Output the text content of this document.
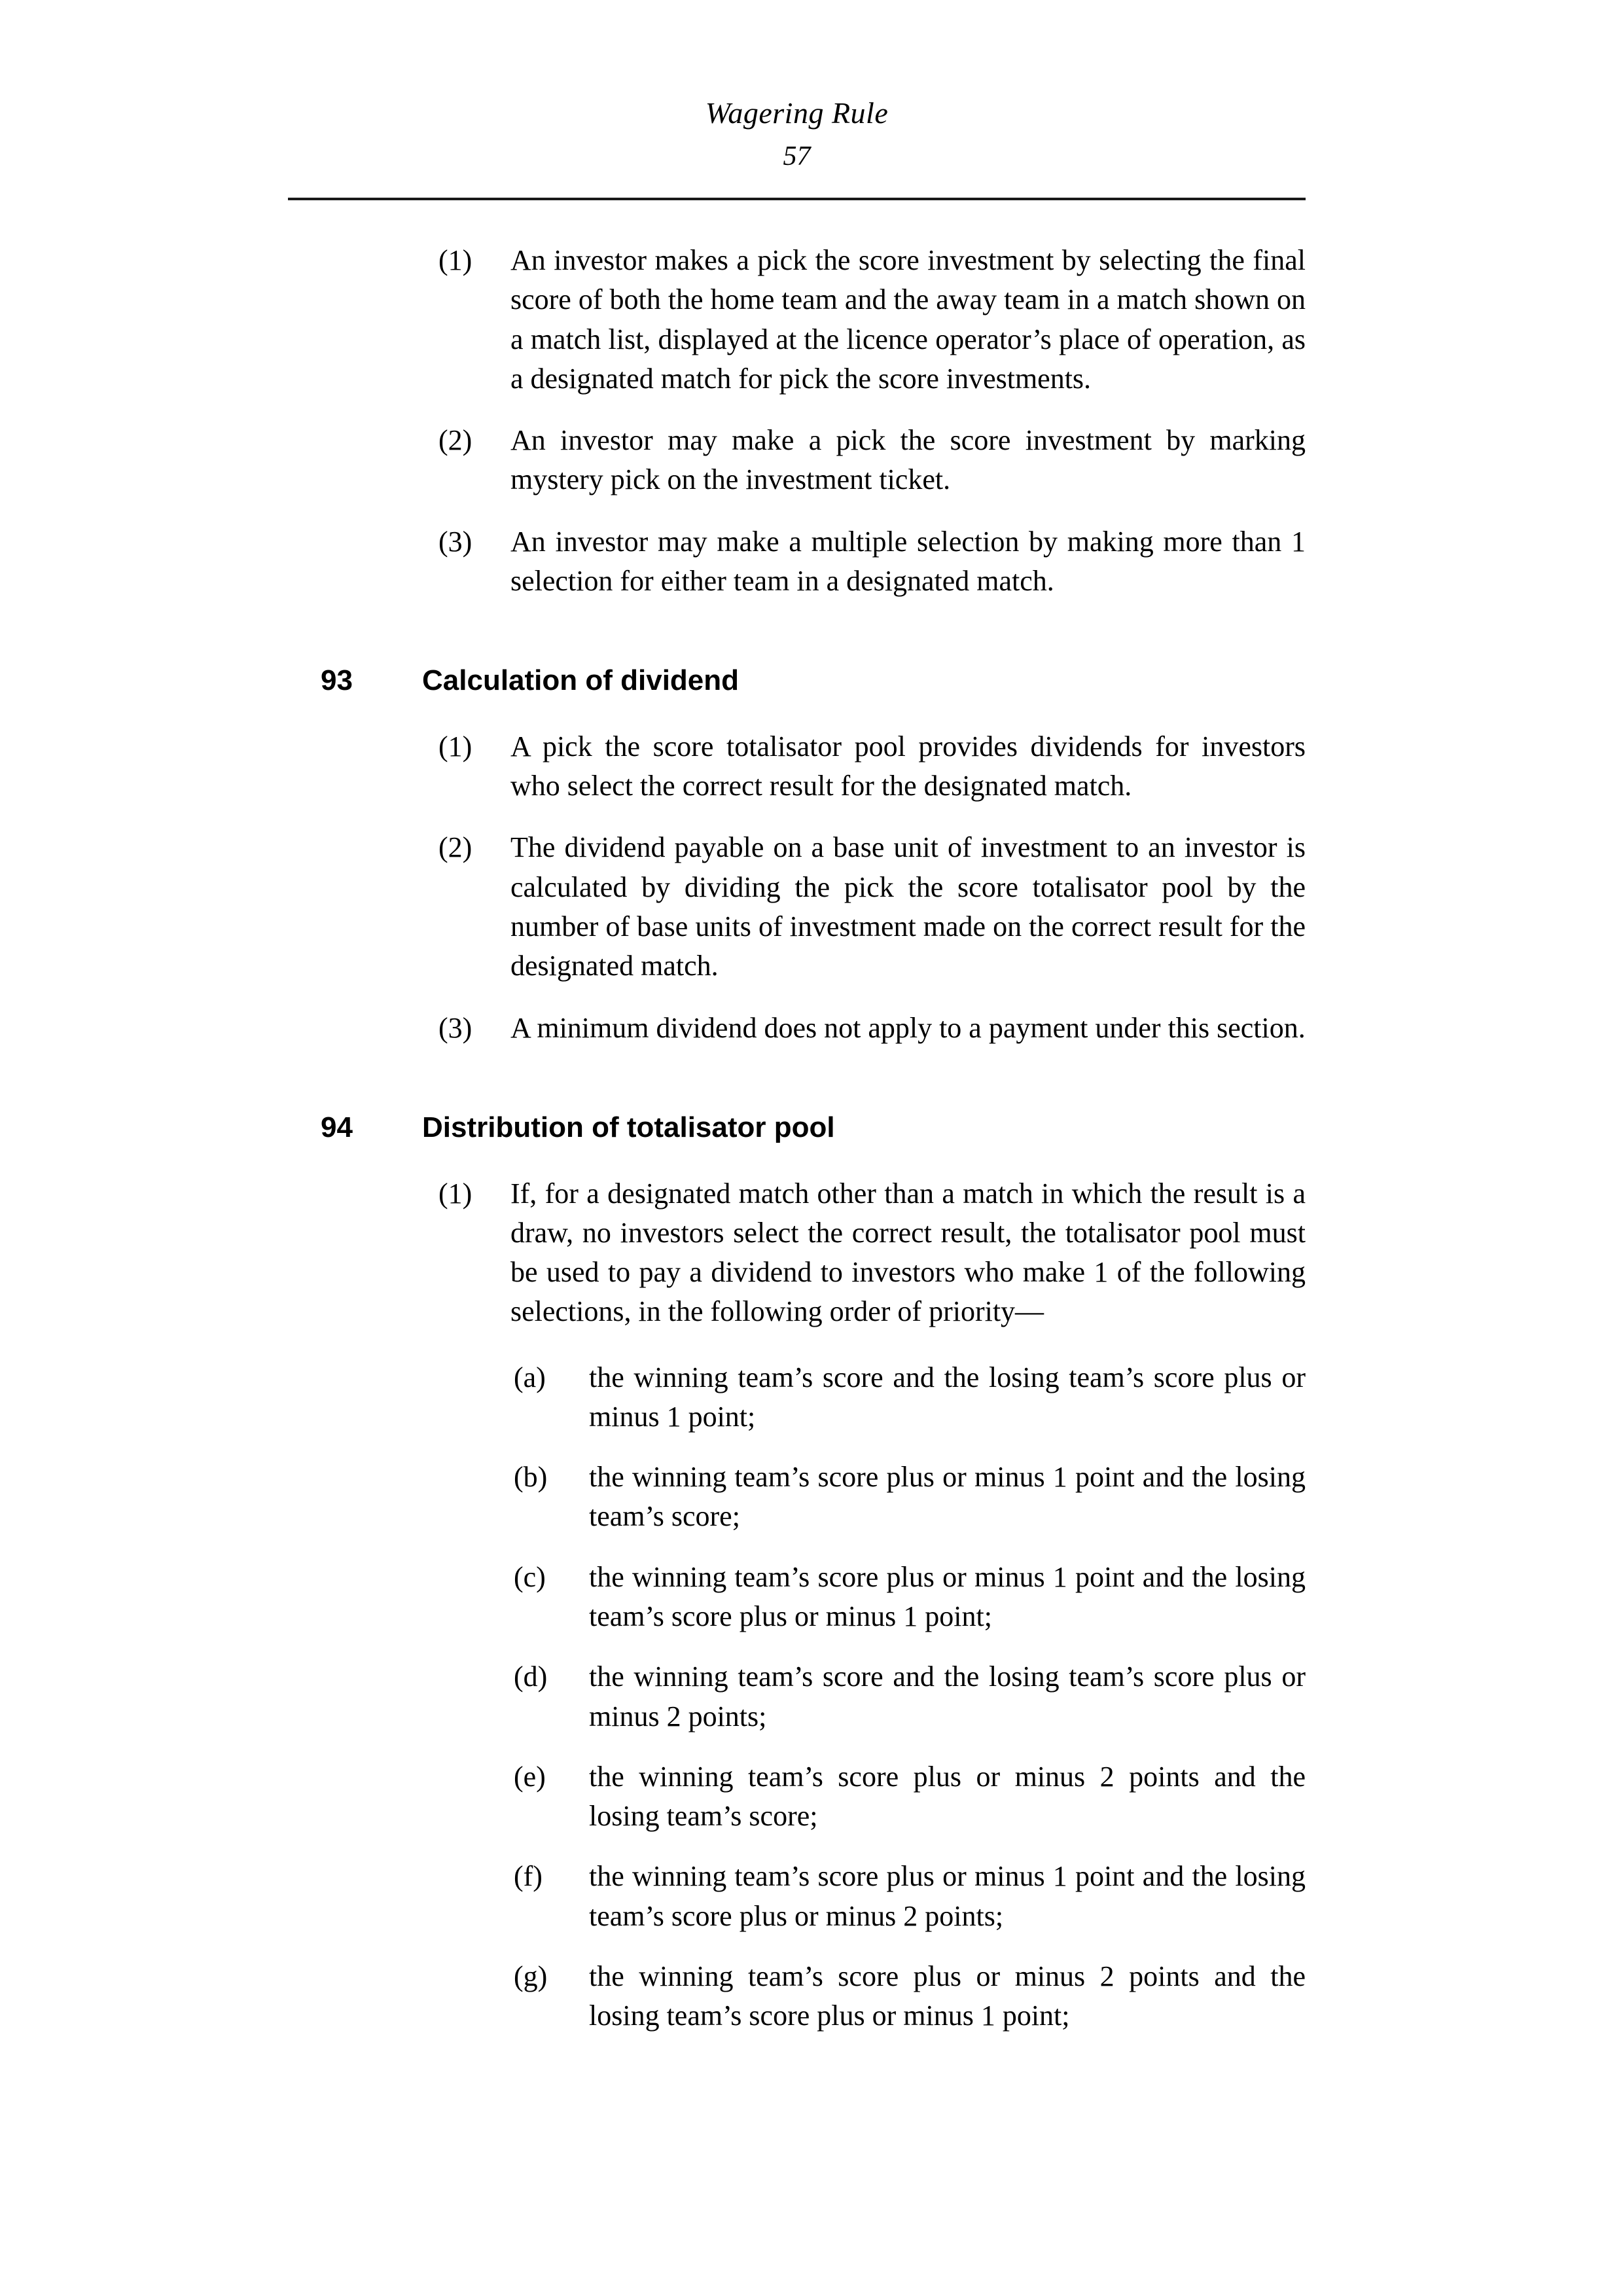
Wagering Rule
57
(1)	An investor makes a pick the score investment by selecting the final score of both the home team and the away team in a match shown on a match list, displayed at the licence operator’s place of operation, as a designated match for pick the score investments.
(2)	An investor may make a pick the score investment by marking mystery pick on the investment ticket.
(3)	An investor may make a multiple selection by making more than 1 selection for either team in a designated match.
93 Calculation of dividend
(1)	A pick the score totalisator pool provides dividends for investors who select the correct result for the designated match.
(2)	The dividend payable on a base unit of investment to an investor is calculated by dividing the pick the score totalisator pool by the number of base units of investment made on the correct result for the designated match.
(3)	A minimum dividend does not apply to a payment under this section.
94 Distribution of totalisator pool
(1)	If, for a designated match other than a match in which the result is a draw, no investors select the correct result, the totalisator pool must be used to pay a dividend to investors who make 1 of the following selections, in the following order of priority—
(a)	the winning team’s score and the losing team’s score plus or minus 1 point;
(b)	the winning team’s score plus or minus 1 point and the losing team’s score;
(c)	the winning team’s score plus or minus 1 point and the losing team’s score plus or minus 1 point;
(d)	the winning team’s score and the losing team’s score plus or minus 2 points;
(e)	the winning team’s score plus or minus 2 points and the losing team’s score;
(f)	the winning team’s score plus or minus 1 point and the losing team’s score plus or minus 2 points;
(g)	the winning team’s score plus or minus 2 points and the losing team’s score plus or minus 1 point;
